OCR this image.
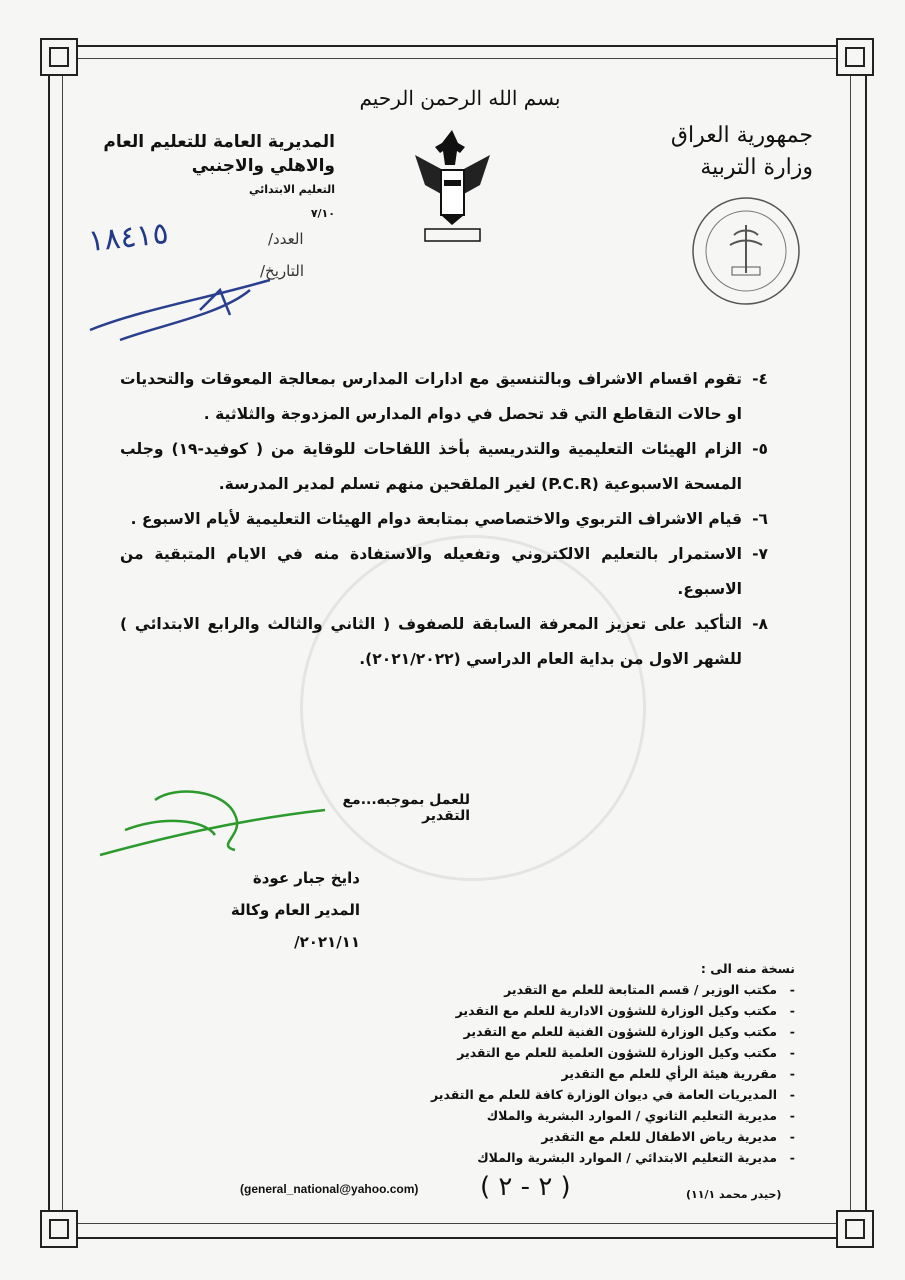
بسم الله الرحمن الرحيم
جمهورية العراق
وزارة التربية
المديرية العامة للتعليم العام
والاهلي والاجنبي
التعليم الابتدائي
٧/١٠
العدد/
التاريخ/
١٨٤١٥
٤-
تقوم اقسام الاشراف وبالتنسيق مع ادارات المدارس بمعالجة المعوقات والتحديات او حالات التقاطع التي قد تحصل في دوام المدارس المزدوجة والثلاثية .
٥-
الزام الهيئات التعليمية والتدريسية بأخذ اللقاحات للوقاية من ( كوفيد-١٩) وجلب المسحة الاسبوعية (P.C.R) لغير الملقحين منهم تسلم لمدير المدرسة.
٦-
قيام الاشراف التربوي والاختصاصي بمتابعة دوام الهيئات التعليمية لأيام الاسبوع .
٧-
الاستمرار بالتعليم الالكتروني وتفعيله والاستفادة منه في الايام المتبقية من الاسبوع.
٨-
التأكيد على تعزيز المعرفة السابقة للصفوف ( الثاني والثالث والرابع الابتدائي ) للشهر الاول من بداية العام الدراسي (٢٠٢١/٢٠٢٢).
للعمل بموجبه...مع التقدير
دايخ جبار عودة
المدير العام وكالة
٢٠٢١/١١/
نسخة منه الى :
- مكتب الوزير / قسم المتابعة للعلم مع التقدير
- مكتب وكيل الوزارة للشؤون الادارية للعلم مع التقدير
- مكتب وكيل الوزارة للشؤون الفنية للعلم مع التقدير
- مكتب وكيل الوزارة للشؤون العلمية للعلم مع التقدير
- مقررية هيئة الرأي للعلم مع التقدير
- المديريات العامة في ديوان الوزارة كافة للعلم مع التقدير
- مديرية التعليم الثانوي / الموارد البشرية والملاك
- مديرية رياض الاطفال للعلم مع التقدير
- مديرية التعليم الابتدائي / الموارد البشرية والملاك
(general_national@yahoo.com) ( ٢ - ٢ )	(حيدر محمد ١١/١)
